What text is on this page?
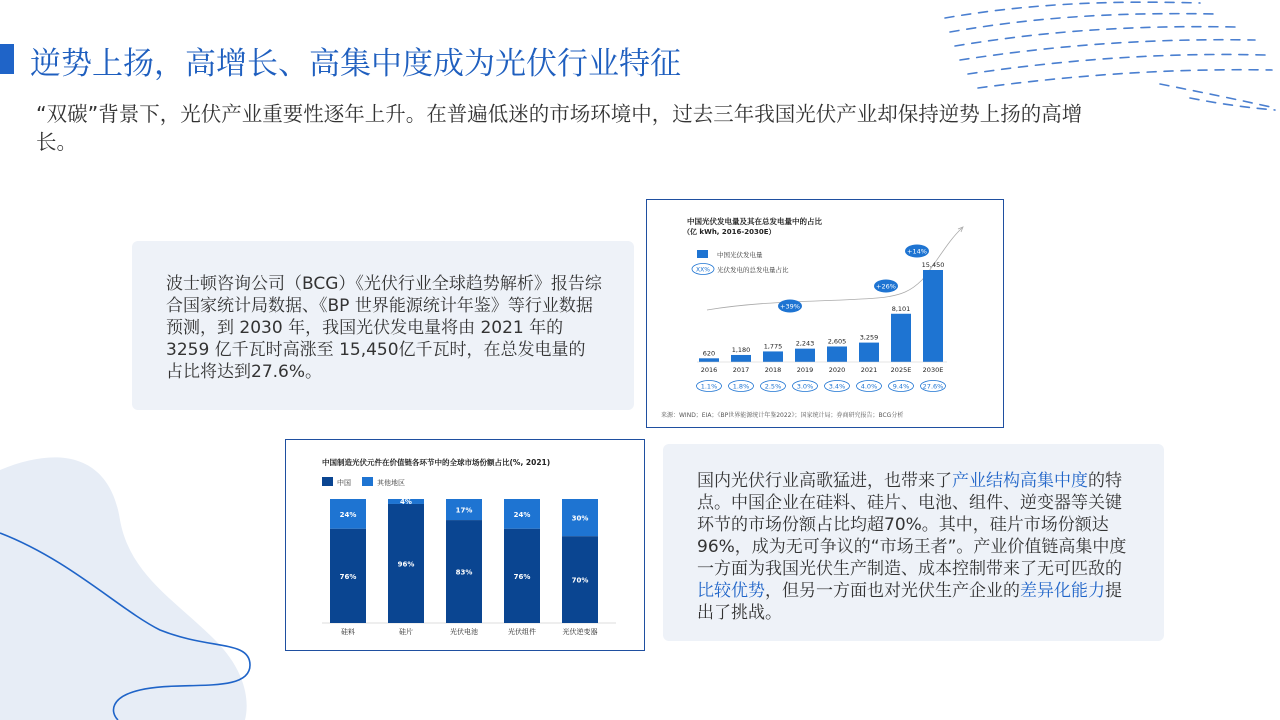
逆势上扬，高增长、高集中度成为光伏行业特征
“双碳”背景下，光伏产业重要性逐年上升。在普遍低迷的市场环境中，过去三年我国光伏产业却保持逆势上扬的高增长。
波士顿咨询公司（BCG）《光伏行业全球趋势解析》报告综合国家统计局数据、《BP 世界能源统计年鉴》等行业数据预测，到 2030 年，我国光伏发电量将由 2021 年的 3259 亿千瓦时高涨至 15,450亿千瓦时，在总发电量的占比将达到27.6%。
中国光伏发电量及其在总发电量中的占比
（亿 kWh, 2016-2030E）
中国光伏发电量
XX% 光伏发电的总发电量占比
620
2016
1.1%
1,180
2017
1.8%
1,775
2018
2.5%
2,243
2019
3.0%
2,605
2020
3.4%
3,259
2021
4.0%
8,101
2025E
9.4%
15,450
2030E
27.6%
+39%
+26%
+14%
来源：WIND；EIA；《BP世界能源统计年鉴2022》；国家统计局；券商研究报告；BCG分析
中国制造光伏元件在价值链各环节中的全球市场份额占比(%, 2021)
中国	其他地区
24%
76%
硅料
4%
96%
硅片
17%
83%
光伏电池
24%
76%
光伏组件
30%
70%
光伏逆变器
国内光伏行业高歌猛进，也带来了产业结构高集中度的特点。中国企业在硅料、硅片、电池、组件、逆变器等关键环节的市场份额占比均超70%。其中，硅片市场份额达96%，成为无可争议的“市场王者”。产业价值链高集中度一方面为我国光伏生产制造、成本控制带来了无可匹敌的比较优势，但另一方面也对光伏生产企业的差异化能力提出了挑战。
